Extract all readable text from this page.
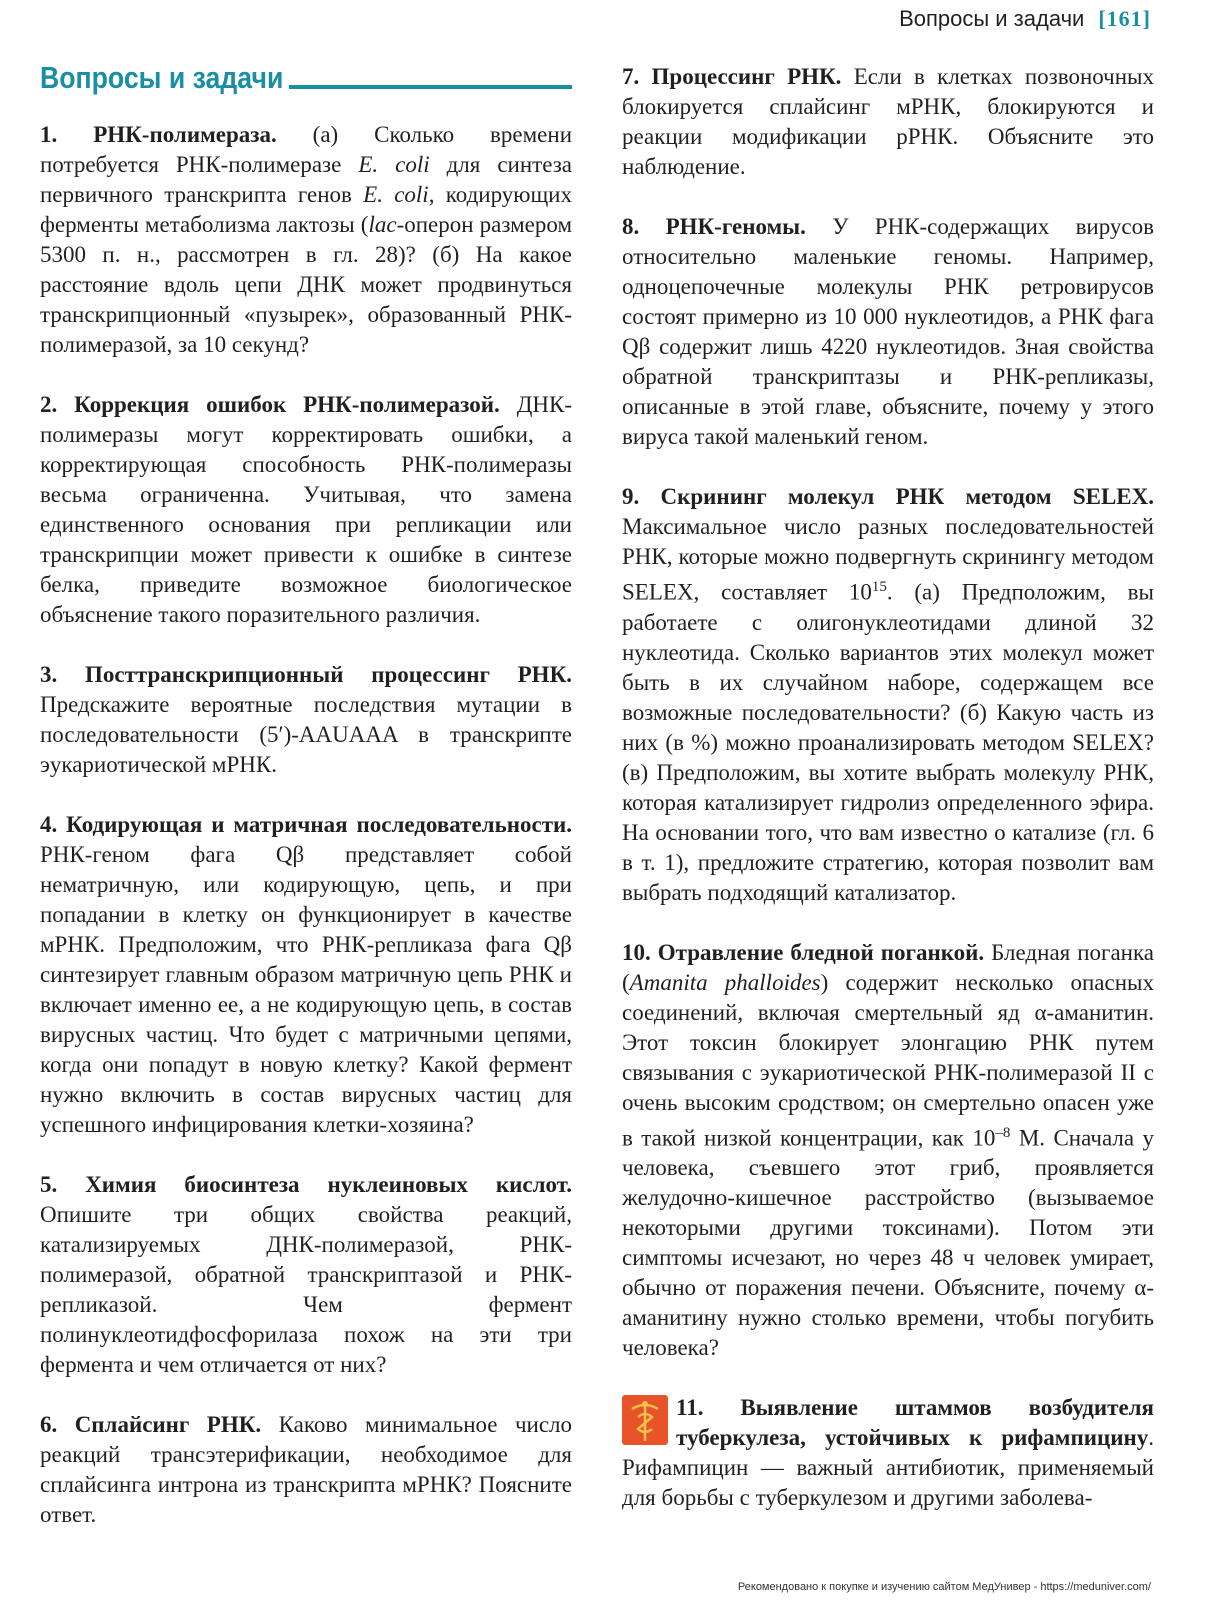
Вопросы и задачи [161]
Вопросы и задачи

1. РНК-полимераза. (а) Сколько времени потребуется РНК-полимеразе E. coli для синтеза первичного транскрипта генов E. coli, кодирующих ферменты метаболизма лактозы (lac-оперон размером 5300 п. н., рассмотрен в гл. 28)? (б) На какое расстояние вдоль цепи ДНК может продвинуться транскрипционный «пузырек», образованный РНК-полимеразой, за 10 секунд?

2. Коррекция ошибок РНК-полимеразой. ДНК-полимеразы могут корректировать ошибки, а корректирующая способность РНК-полимеразы весьма ограниченна. Учитывая, что замена единственного основания при репликации или транскрипции может привести к ошибке в синтезе белка, приведите возможное биологическое объяснение такого поразительного различия.

3. Посттранскрипционный процессинг РНК. Предскажите вероятные последствия мутации в последовательности (5′)-AAUAAA в транскрипте эукариотической мРНК.

4. Кодирующая и матричная последовательности. РНК-геном фага Qβ представляет собой нематричную, или кодирующую, цепь, и при попадании в клетку он функционирует в качестве мРНК. Предположим, что РНК-репликаза фага Qβ синтезирует главным образом матричную цепь РНК и включает именно ее, а не кодирующую цепь, в состав вирусных частиц. Что будет с матричными цепями, когда они попадут в новую клетку? Какой фермент нужно включить в состав вирусных частиц для успешного инфицирования клетки-хозяина?

5. Химия биосинтеза нуклеиновых кислот. Опишите три общих свойства реакций, катализируемых ДНК-полимеразой, РНК-полимеразой, обратной транскриптазой и РНК-репликазой. Чем фермент полинуклеотидфосфорилаза похож на эти три фермента и чем отличается от них?

6. Сплайсинг РНК. Каково минимальное число реакций трансэтерификации, необходимое для сплайсинга интрона из транскрипта мРНК? Поясните ответ.

7. Процессинг РНК. Если в клетках позвоночных блокируется сплайсинг мРНК, блокируются и реакции модификации рРНК. Объясните это наблюдение.

8. РНК-геномы. У РНК-содержащих вирусов относительно маленькие геномы. Например, одноцепочечные молекулы РНК ретровирусов состоят примерно из 10 000 нуклеотидов, а РНК фага Qβ содержит лишь 4220 нуклеотидов. Зная свойства обратной транскриптазы и РНК-репликазы, описанные в этой главе, объясните, почему у этого вируса такой маленький геном.

9. Скрининг молекул РНК методом SELEX. Максимальное число разных последовательностей РНК, которые можно подвергнуть скринингу методом SELEX, составляет $10^{15}$. (а) Предположим, вы работаете с олигонуклеотидами длиной 32 нуклеотида. Сколько вариантов этих молекул может быть в их случайном наборе, содержащем все возможные последовательности? (б) Какую часть из них (в %) можно проанализировать методом SELEX? (в) Предположим, вы хотите выбрать молекулу РНК, которая катализирует гидролиз определенного эфира. На основании того, что вам известно о катализе (гл. 6 в т. 1), предложите стратегию, которая позволит вам выбрать подходящий катализатор.

10. Отравление бледной поганкой. Бледная поганка (Amanita phalloides) содержит несколько опасных соединений, включая смертельный яд α-аманитин. Этот токсин блокирует элонгацию РНК путем связывания с эукариотической РНК-полимеразой II с очень высоким сродством; он смертельно опасен уже в такой низкой концентрации, как $10^{-8}$ М. Сначала у человека, съевшего этот гриб, проявляется желудочно-кишечное расстройство (вызываемое некоторыми другими токсинами). Потом эти симптомы исчезают, но через 48 ч человек умирает, обычно от поражения печени. Объясните, почему α-аманитину нужно столько времени, чтобы погубить человека?

11. Выявление штаммов возбудителя туберкулеза, устойчивых к рифампицину. Рифампицин — важный антибиотик, применяемый для борьбы с туберкулезом и другими заболева-

Рекомендовано к покупке и изучению сайтом МедУнивер - https://meduniver.com/
